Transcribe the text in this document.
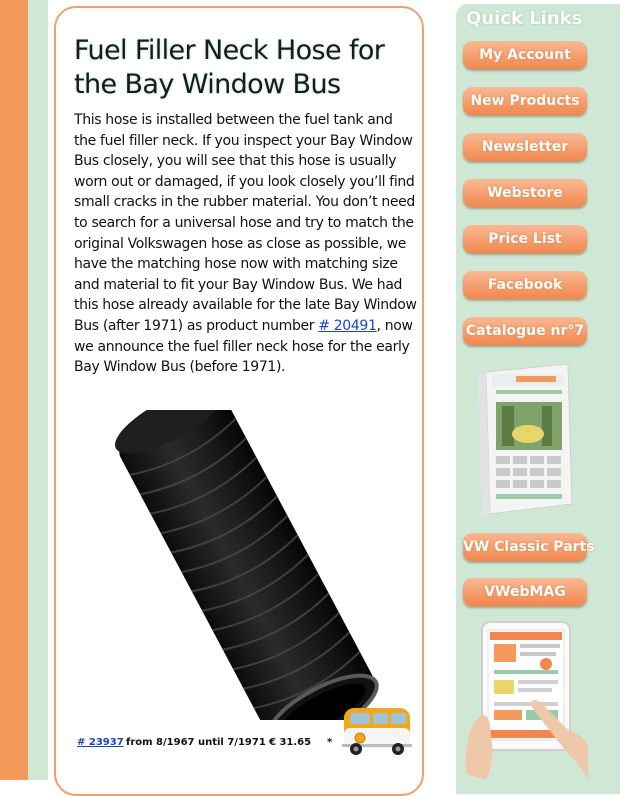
Fuel Filler Neck Hose for the Bay Window Bus

This hose is installed between the fuel tank and the fuel filler neck. If you inspect your Bay Window Bus closely, you will see that this hose is usually worn out or damaged, if you look closely you’ll find small cracks in the rubber material. You don’t need to search for a universal hose and try to match the original Volkswagen hose as close as possible, we have the matching hose now with matching size and material to fit your Bay Window Bus. We had this hose already available for the late Bay Window Bus (after 1971) as product number # 20491, now we announce the fuel filler neck hose for the early Bay Window Bus (before 1971).

# 23937 from 8/1967 until 7/1971 € 31.65 *
Quick Links
My Account
New Products
Newsletter
Webstore
Price List
Facebook
Catalogue nr°7
VW Classic Parts
VWebMAG
